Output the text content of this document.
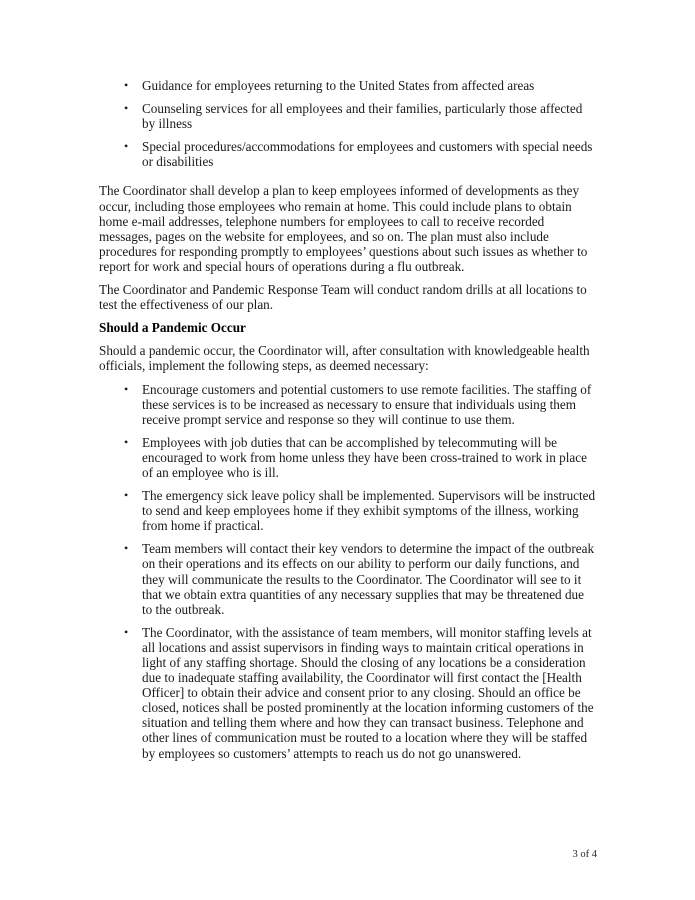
• Guidance for employees returning to the United States from affected areas
• Counseling services for all employees and their families, particularly those affected by illness
• Special procedures/accommodations for employees and customers with special needs or disabilities

The Coordinator shall develop a plan to keep employees informed of developments as they occur, including those employees who remain at home. This could include plans to obtain home e-mail addresses, telephone numbers for employees to call to receive recorded messages, pages on the website for employees, and so on. The plan must also include procedures for responding promptly to employees’ questions about such issues as whether to report for work and special hours of operations during a flu outbreak.

The Coordinator and Pandemic Response Team will conduct random drills at all locations to test the effectiveness of our plan.

Should a Pandemic Occur

Should a pandemic occur, the Coordinator will, after consultation with knowledgeable health officials, implement the following steps, as deemed necessary:

• Encourage customers and potential customers to use remote facilities. The staffing of these services is to be increased as necessary to ensure that individuals using them receive prompt service and response so they will continue to use them.
• Employees with job duties that can be accomplished by telecommuting will be encouraged to work from home unless they have been cross-trained to work in place of an employee who is ill.
• The emergency sick leave policy shall be implemented. Supervisors will be instructed to send and keep employees home if they exhibit symptoms of the illness, working from home if practical.
• Team members will contact their key vendors to determine the impact of the outbreak on their operations and its effects on our ability to perform our daily functions, and they will communicate the results to the Coordinator. The Coordinator will see to it that we obtain extra quantities of any necessary supplies that may be threatened due to the outbreak.
• The Coordinator, with the assistance of team members, will monitor staffing levels at all locations and assist supervisors in finding ways to maintain critical operations in light of any staffing shortage. Should the closing of any locations be a consideration due to inadequate staffing availability, the Coordinator will first contact the [Health Officer] to obtain their advice and consent prior to any closing. Should an office be closed, notices shall be posted prominently at the location informing customers of the situation and telling them where and how they can transact business. Telephone and other lines of communication must be routed to a location where they will be staffed by employees so customers’ attempts to reach us do not go unanswered.
3 of 4
